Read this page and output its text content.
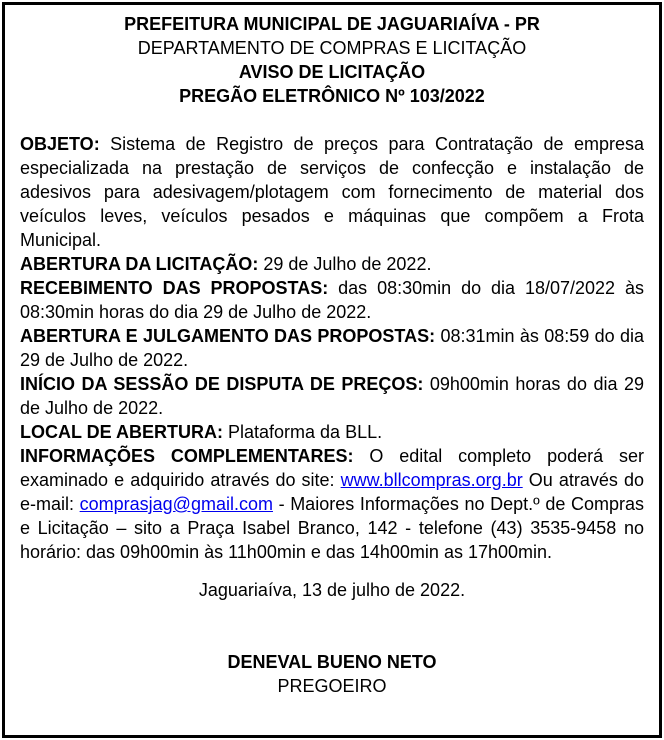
PREFEITURA MUNICIPAL DE JAGUARIAÍVA - PR

DEPARTAMENTO DE COMPRAS E LICITAÇÃO

AVISO DE LICITAÇÃO

PREGÃO ELETRÔNICO Nº 103/2022

OBJETO: Sistema de Registro de preços para Contratação de empresa especializada na prestação de serviços de confecção e instalação de adesivos para adesivagem/plotagem com fornecimento de material dos veículos leves, veículos pesados e máquinas que compõem a Frota Municipal.

ABERTURA DA LICITAÇÃO: 29 de Julho de 2022.

RECEBIMENTO DAS PROPOSTAS: das 08:30min do dia 18/07/2022 às 08:30min horas do dia 29 de Julho de 2022.

ABERTURA E JULGAMENTO DAS PROPOSTAS: 08:31min às 08:59 do dia 29 de Julho de 2022.

INÍCIO DA SESSÃO DE DISPUTA DE PREÇOS: 09h00min horas do dia 29 de Julho de 2022.

LOCAL DE ABERTURA: Plataforma da BLL.

INFORMAÇÕES COMPLEMENTARES: O edital completo poderá ser examinado e adquirido através do site: www.bllcompras.org.br Ou através do e-mail: comprasjag@gmail.com - Maiores Informações no Dept.º de Compras e Licitação – sito a Praça Isabel Branco, 142 - telefone (43) 3535-9458 no horário: das 09h00min às 11h00min e das 14h00min as 17h00min.

Jaguariaíva, 13 de julho de 2022.

DENEVAL BUENO NETO

PREGOEIRO
